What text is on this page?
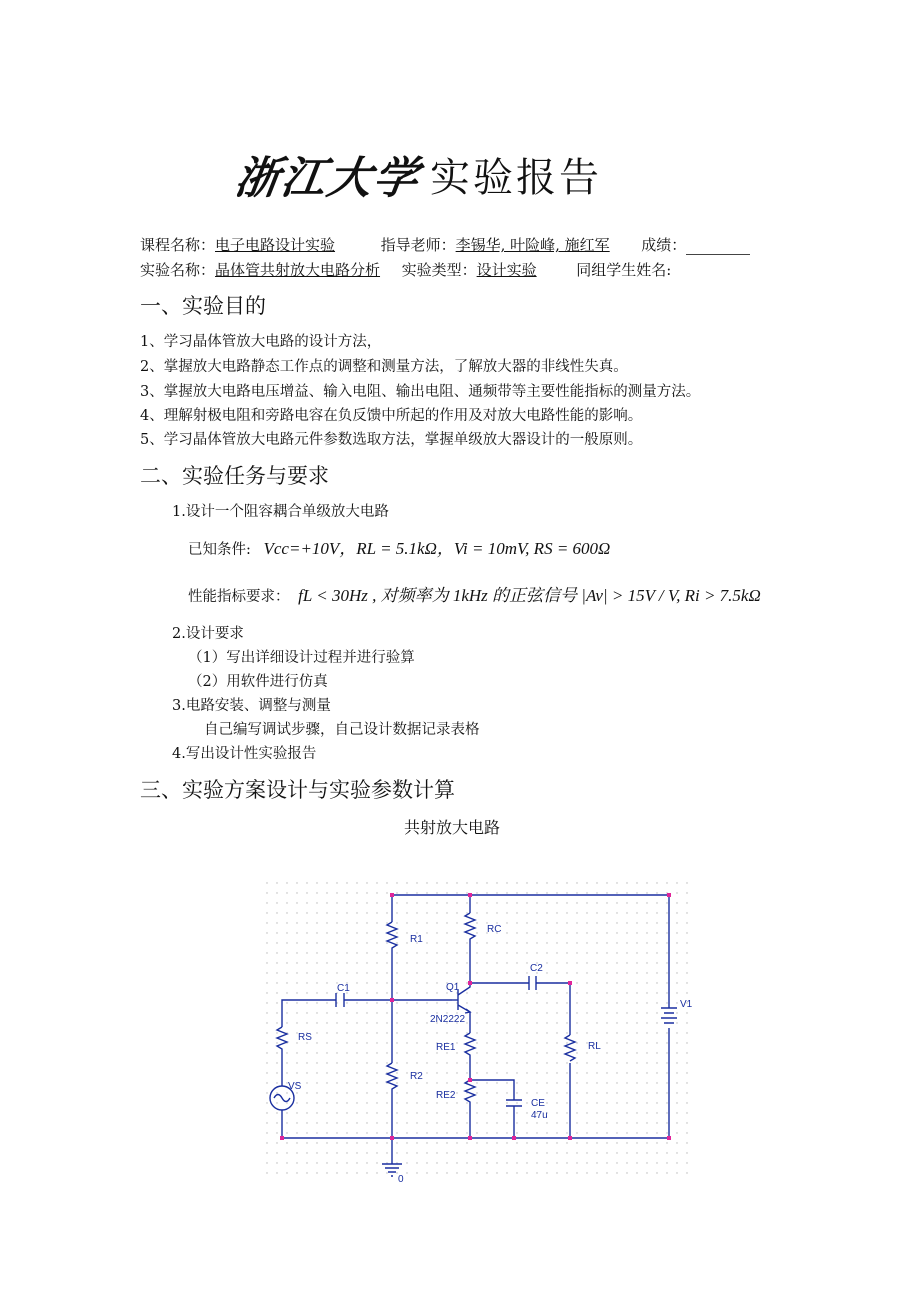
浙江大学 实验报告
课程名称：电子电路设计实验	指导老师：李锡华, 叶险峰, 施红军 成绩：
实验名称：晶体管共射放大电路分析 实验类型：设计实验	同组学生姓名:
一、实验目的
1、学习晶体管放大电路的设计方法，
2、掌握放大电路静态工作点的调整和测量方法，了解放大器的非线性失真。
3、掌握放大电路电压增益、输入电阻、输出电阻、通频带等主要性能指标的测量方法。
4、理解射极电阻和旁路电容在负反馈中所起的作用及对放大电路性能的影响。
5、学习晶体管放大电路元件参数选取方法，掌握单级放大器设计的一般原则。
二、实验任务与要求
1.设计一个阻容耦合单级放大电路
已知条件: Vcc=+10V，RL = 5.1kΩ，Vi = 10mV, RS = 600Ω
性能指标要求： fL < 30Hz , 对频率为 1kHz 的正弦信号 |Av| > 15V / V, Ri > 7.5kΩ
2.设计要求
（1）写出详细设计过程并进行验算
（2）用软件进行仿真
3.电路安装、调整与测量
自己编写调试步骤，自己设计数据记录表格
4.写出设计性实验报告
三、实验方案设计与实验参数计算
共射放大电路
R1
RC
C2
C1	Q1
2N2222
V1
RS
RE1	RL
R2
VS
RE2
CE
47u
0
